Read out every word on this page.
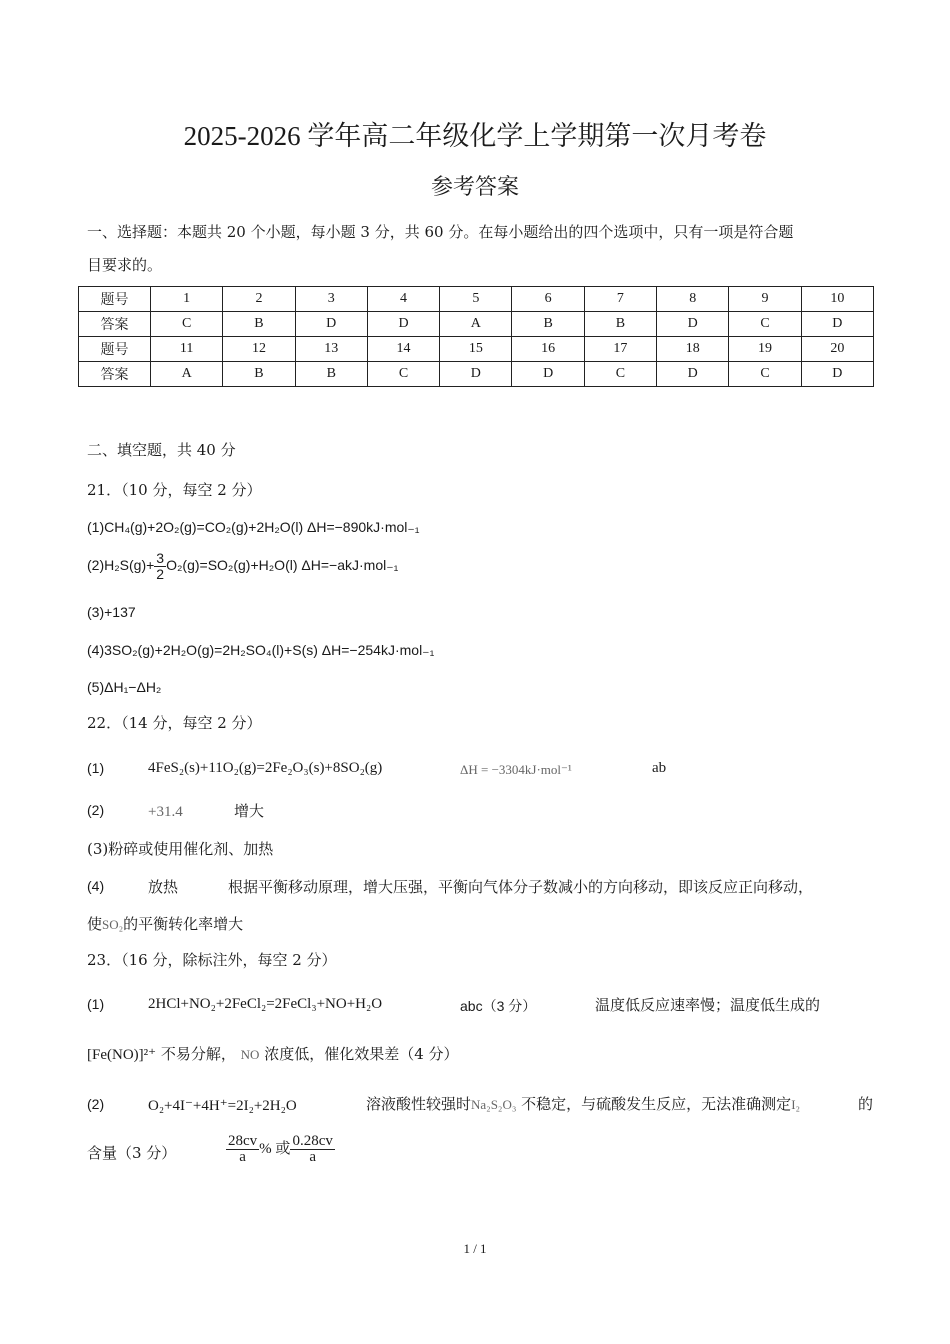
2025-2026 学年高二年级化学上学期第一次月考卷
参考答案
一、选择题：本题共 20 个小题，每小题 3 分，共 60 分。在每小题给出的四个选项中，只有一项是符合题
目要求的。
题号	1	2	3	4	5	6	7	8	9	10
答案	C	B	D	D	A	B	B	D	C	D
题号	11	12	13	14	15	16	17	18	19	20
答案	A	B	B	C	D	D	C	D	C	D
二、填空题，共 40 分
21．（10 分，每空 2 分）
(1)CH₄(g)+2O₂(g)=CO₂(g)+2H₂O(l) ΔH=−890kJ·mol₋₁
$(2)H_2S(g)+ \frac{3}{2} O_2(g)=SO_2(g)+H_2O(l)$ ΔH=−akJ·mol₋₁
(3)+137
(4)3SO₂(g)+2H₂O(g)=2H₂SO₄(l)+S(s) ΔH=−254kJ·mol₋₁
(5)ΔH₁−ΔH₂
22．（14 分，每空 2 分）
(1)	4FeS₂(s)+11O₂(g)=2Fe₂O₃(s)+8SO₂(g)	ΔH = −3304kJ·mol⁻¹	ab
(2)	+31.4	增大
(3)粉碎或使用催化剂、加热
(4)	放热	根据平衡移动原理，增大压强，平衡向气体分子数减小的方向移动，即该反应正向移动，
使SO₂的平衡转化率增大
23．（16 分，除标注外，每空 2 分）
(1)	2HCl+NO₂+2FeCl₂=2FeCl₃+NO+H₂O	abc（3 分）	温度低反应速率慢；温度低生成的
[Fe(NO)]²⁺ 不易分解， NO 浓度低，催化效果差（4 分）
(2)	O₂+4I⁻+4H⁺=2I₂+2H₂O	溶液酸性较强时Na₂S₂O₃ 不稳定，与硫酸发生反应，无法准确测定I₂	的
含量（3 分）	$\frac{28cv}{a}$ % 或 $\frac{0.28cv}{a}$
1 / 1
